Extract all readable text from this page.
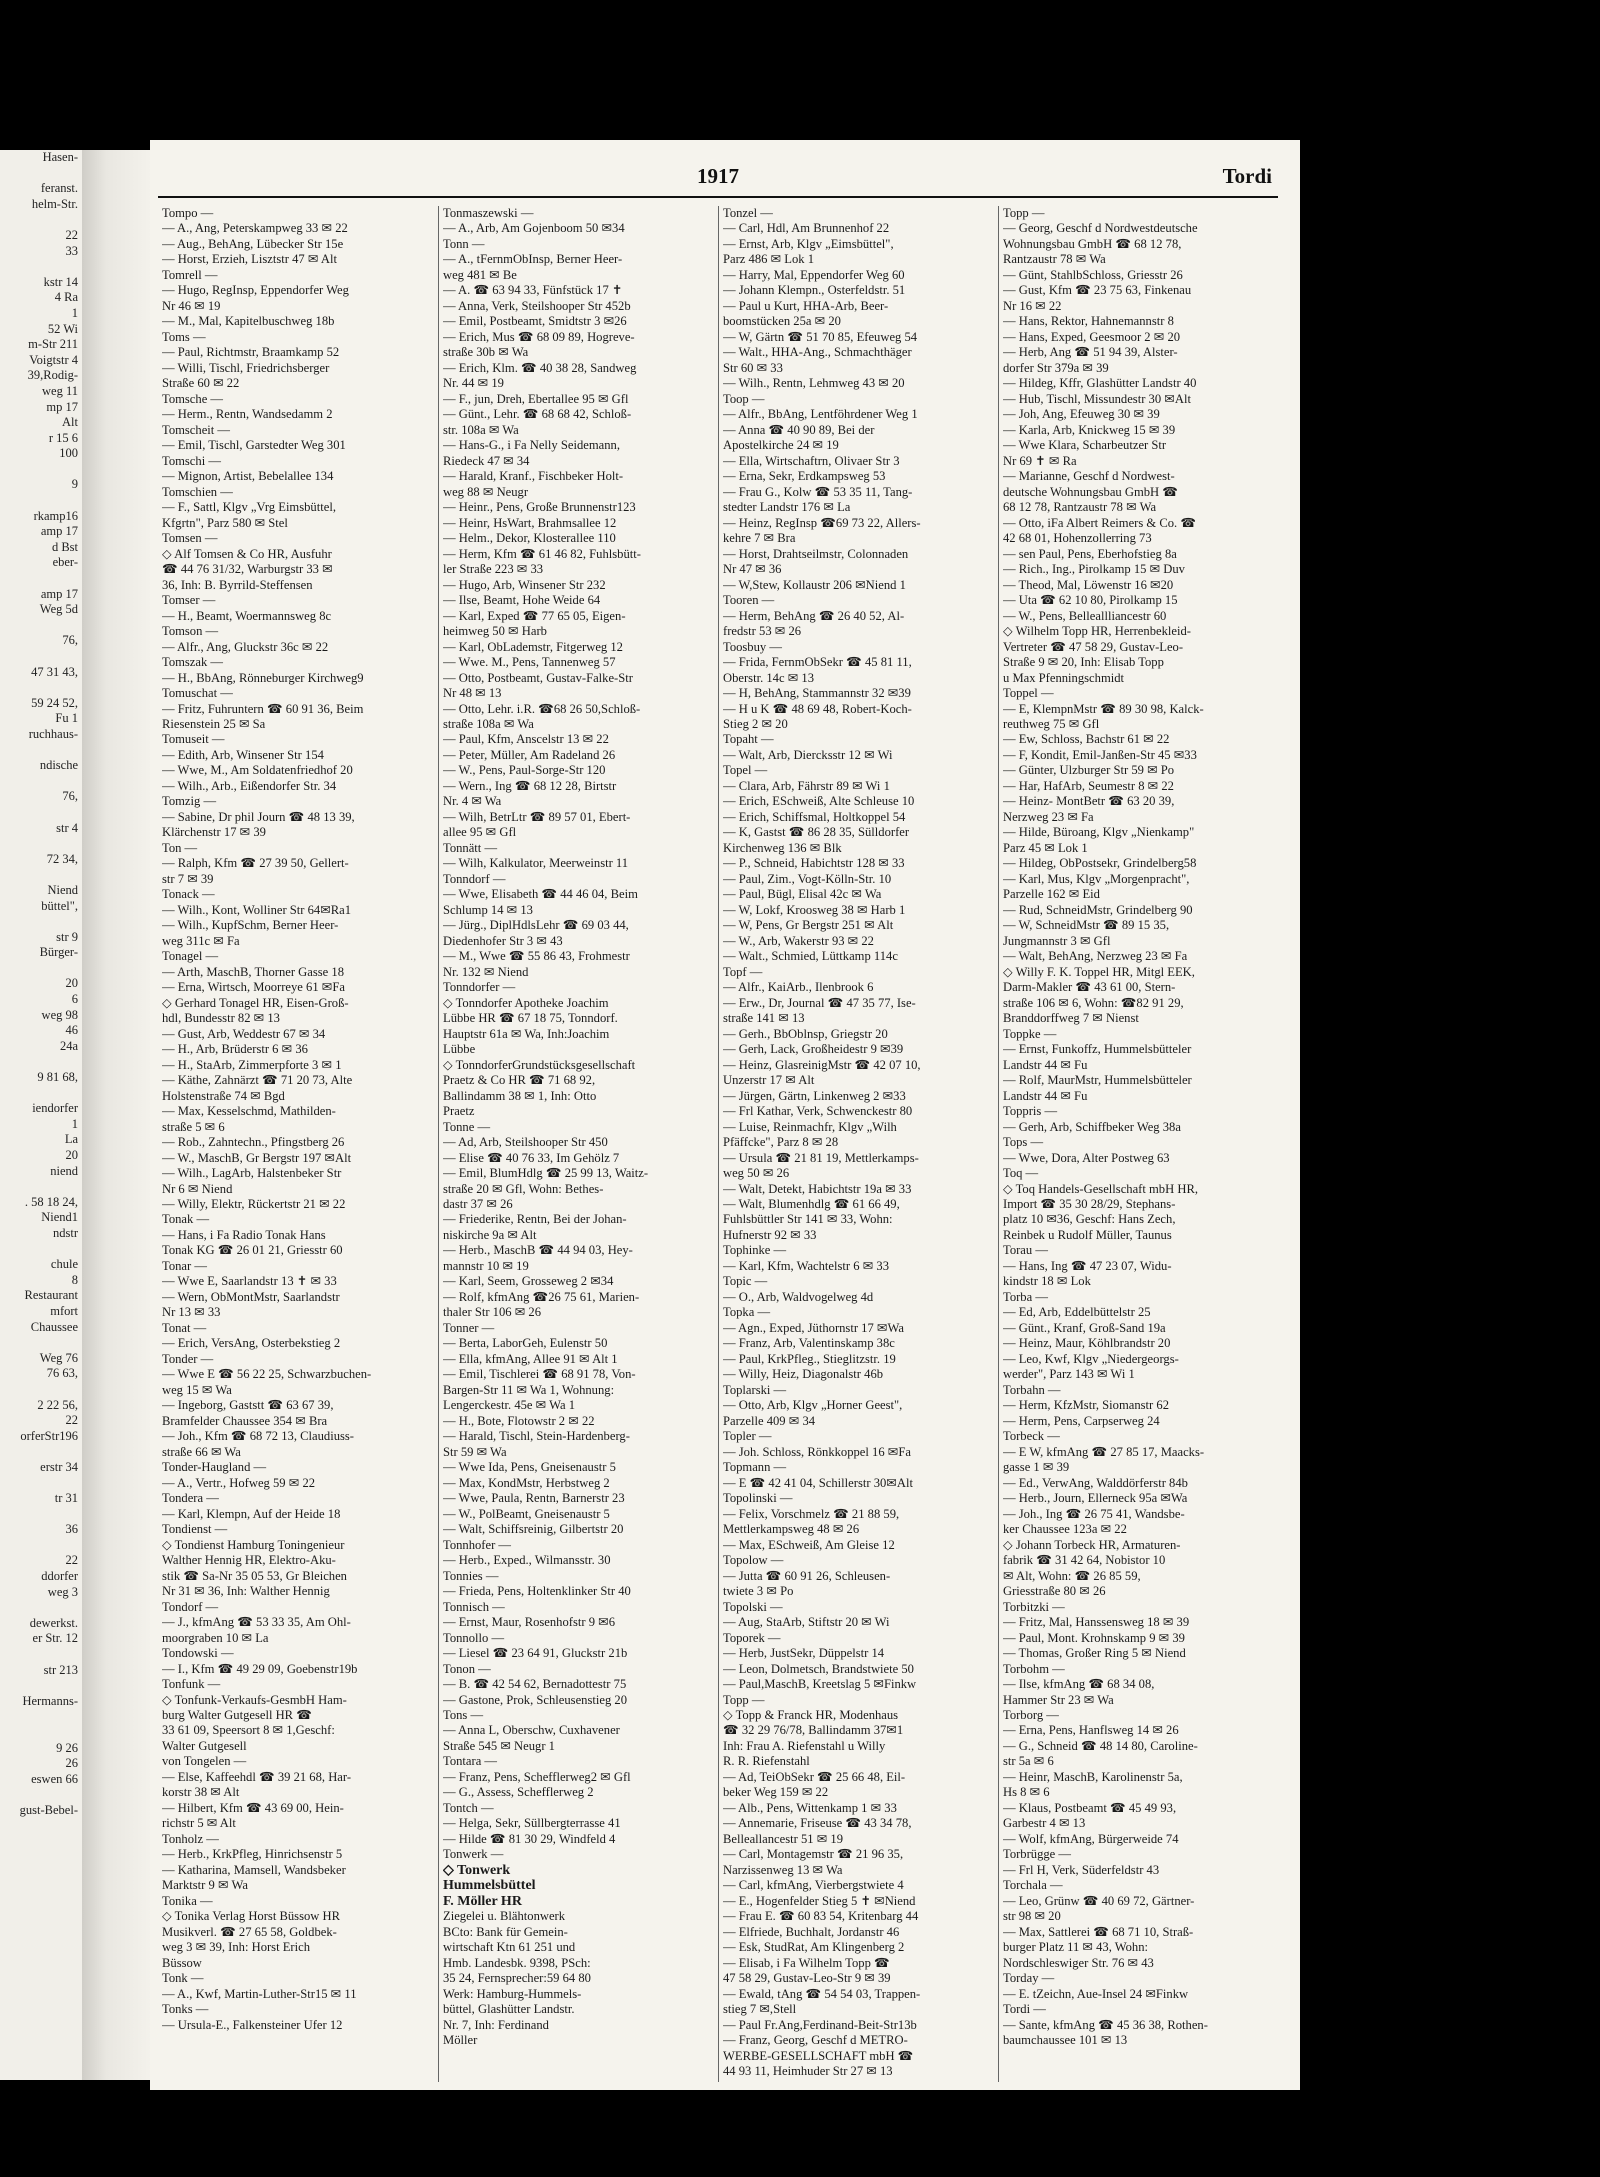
Hasen-

feranst.
helm-Str.

22
33

kstr 14
4 Ra
1
52 Wi
m-Str 211
Voigtstr 4
39,Rodig-
weg 11
mp 17
Alt
r 15 6
100

9

rkamp16
amp 17
d Bst
eber-

amp 17
Weg 5d

76,

47 31 43,

59 24 52,
Fu 1
ruchhaus-

ndische

76,

str 4

72 34,

Niend
büttel",

str 9
Bürger-

20
6
weg 98
46
24a

9 81 68,

iendorfer
1
La
20
niend

. 58 18 24,
Niend1
ndstr

chule
8
Restaurant
mfort
Chaussee

Weg 76
76 63,

2 22 56,
22
orferStr196

erstr 34

tr 31

36

22
ddorfer
weg 3

dewerkst.
er Str. 12

str 213

Hermanns-

9 26
26
eswen 66

gust-Bebel-
1917	Tordi
Tompo —
— A., Ang, Peterskampweg 33 ✉ 22
— Aug., BehAng, Lübecker Str 15e
— Horst, Erzieh, Lisztstr 47 ✉ Alt
Tomrell —
— Hugo, RegInsp, Eppendorfer Weg
Nr 46 ✉ 19
— M., Mal, Kapitelbuschweg 18b
Toms —
— Paul, Richtmstr, Braamkamp 52
— Willi, Tischl, Friedrichsberger
Straße 60 ✉ 22
Tomsche —
— Herm., Rentn, Wandsedamm 2
Tomscheit —
— Emil, Tischl, Garstedter Weg 301
Tomschi —
— Mignon, Artist, Bebelallee 134
Tomschien —
— F., Sattl, Klgv „Vrg Eimsbüttel,
Kfgrtn", Parz 580 ✉ Stel
Tomsen —
◇ Alf Tomsen & Co HR, Ausfuhr
☎ 44 76 31/32, Warburgstr 33 ✉
36, Inh: B. Byrrild-Steffensen
Tomser —
— H., Beamt, Woermannsweg 8c
Tomson —
— Alfr., Ang, Gluckstr 36c ✉ 22
Tomszak —
— H., BbAng, Rönneburger Kirchweg9
Tomuschat —
— Fritz, Fuhruntern ☎ 60 91 36, Beim
Riesenstein 25 ✉ Sa
Tomuseit —
— Edith, Arb, Winsener Str 154
— Wwe, M., Am Soldatenfriedhof 20
— Wilh., Arb., Eißendorfer Str. 34
Tomzig —
— Sabine, Dr phil Journ ☎ 48 13 39,
Klärchenstr 17 ✉ 39
Ton —
— Ralph, Kfm ☎ 27 39 50, Gellert-
str 7 ✉ 39
Tonack —
— Wilh., Kont, Wolliner Str 64✉Ra1
— Wilh., KupfSchm, Berner Heer-
weg 311c ✉ Fa
Tonagel —
— Arth, MaschB, Thorner Gasse 18
— Erna, Wirtsch, Moorreye 61 ✉Fa
◇ Gerhard Tonagel HR, Eisen-Groß-
hdl, Bundesstr 82 ✉ 13
— Gust, Arb, Weddestr 67 ✉ 34
— H., Arb, Brüderstr 6 ✉ 36
— H., StaArb, Zimmerpforte 3 ✉ 1
— Käthe, Zahnärzt ☎ 71 20 73, Alte
Holstenstraße 74 ✉ Bgd
— Max, Kesselschmd, Mathilden-
straße 5 ✉ 6
— Rob., Zahntechn., Pfingstberg 26
— W., MaschB, Gr Bergstr 197 ✉Alt
— Wilh., LagArb, Halstenbeker Str
Nr 6 ✉ Niend
— Willy, Elektr, Rückertstr 21 ✉ 22
Tonak —
— Hans, i Fa Radio Tonak Hans
Tonak KG ☎ 26 01 21, Griesstr 60
Tonar —
— Wwe E, Saarlandstr 13 ✝ ✉ 33
— Wern, ObMontMstr, Saarlandstr
Nr 13 ✉ 33
Tonat —
— Erich, VersAng, Osterbekstieg 2
Tonder —
— Wwe E ☎ 56 22 25, Schwarzbuchen-
weg 15 ✉ Wa
— Ingeborg, Gaststt ☎ 63 67 39,
Bramfelder Chaussee 354 ✉ Bra
— Joh., Kfm ☎ 68 72 13, Claudiuss-
straße 66 ✉ Wa
Tonder-Haugland —
— A., Vertr., Hofweg 59 ✉ 22
Tondera —
— Karl, Klempn, Auf der Heide 18
Tondienst —
◇ Tondienst Hamburg Toningenieur
Walther Hennig HR, Elektro-Aku-
stik ☎ Sa-Nr 35 05 53, Gr Bleichen
Nr 31 ✉ 36, Inh: Walther Hennig
Tondorf —
— J., kfmAng ☎ 53 33 35, Am Ohl-
moorgraben 10 ✉ La
Tondowski —
— I., Kfm ☎ 49 29 09, Goebenstr19b
Tonfunk —
◇ Tonfunk-Verkaufs-GesmbH Ham-
burg Walter Gutgesell HR ☎
33 61 09, Speersort 8 ✉ 1,Geschf:
Walter Gutgesell
von Tongelen —
— Else, Kaffeehdl ☎ 39 21 68, Har-
korstr 38 ✉ Alt
— Hilbert, Kfm ☎ 43 69 00, Hein-
richstr 5 ✉ Alt
Tonholz —
— Herb., KrkPfleg, Hinrichsenstr 5
— Katharina, Mamsell, Wandsbeker
Marktstr 9 ✉ Wa
Tonika —
◇ Tonika Verlag Horst Büssow HR
Musikverl. ☎ 27 65 58, Goldbek-
weg 3 ✉ 39, Inh: Horst Erich
Büssow
Tonk —
— A., Kwf, Martin-Luther-Str15 ✉ 11
Tonks —
— Ursula-E., Falkensteiner Ufer 12
Tonmaszewski —
— A., Arb, Am Gojenboom 50 ✉34
Tonn —
— A., tFernmObInsp, Berner Heer-
weg 481 ✉ Be
— A. ☎ 63 94 33, Fünfstück 17 ✝
— Anna, Verk, Steilshooper Str 452b
— Emil, Postbeamt, Smidtstr 3 ✉26
— Erich, Mus ☎ 68 09 89, Hogreve-
straße 30b ✉ Wa
— Erich, Klm. ☎ 40 38 28, Sandweg
Nr. 44 ✉ 19
— F., jun, Dreh, Ebertallee 95 ✉ Gfl
— Günt., Lehr. ☎ 68 68 42, Schloß-
str. 108a ✉ Wa
— Hans-G., i Fa Nelly Seidemann,
Riedeck 47 ✉ 34
— Harald, Kranf., Fischbeker Holt-
weg 88 ✉ Neugr
— Heinr., Pens, Große Brunnenstr123
— Heinr, HsWart, Brahmsallee 12
— Helm., Dekor, Klosterallee 110
— Herm, Kfm ☎ 61 46 82, Fuhlsbütt-
ler Straße 223 ✉ 33
— Hugo, Arb, Winsener Str 232
— Ilse, Beamt, Hohe Weide 64
— Karl, Exped ☎ 77 65 05, Eigen-
heimweg 50 ✉ Harb
— Karl, ObLademstr, Fitgerweg 12
— Wwe. M., Pens, Tannenweg 57
— Otto, Postbeamt, Gustav-Falke-Str
Nr 48 ✉ 13
— Otto, Lehr. i.R. ☎68 26 50,Schloß-
straße 108a ✉ Wa
— Paul, Kfm, Anscelstr 13 ✉ 22
— Peter, Müller, Am Radeland 26
— W., Pens, Paul-Sorge-Str 120
— Wern., Ing ☎ 68 12 28, Birtstr
Nr. 4 ✉ Wa
— Wilh, BetrLtr ☎ 89 57 01, Ebert-
allee 95 ✉ Gfl
Tonnätt —
— Wilh, Kalkulator, Meerweinstr 11
Tonndorf —
— Wwe, Elisabeth ☎ 44 46 04, Beim
Schlump 14 ✉ 13
— Jürg., DiplHdlsLehr ☎ 69 03 44,
Diedenhofer Str 3 ✉ 43
— M., Wwe ☎ 55 86 43, Frohmestr
Nr. 132 ✉ Niend
Tonndorfer —
◇ Tonndorfer Apotheke Joachim
Lübbe HR ☎ 67 18 75, Tonndorf.
Hauptstr 61a ✉ Wa, Inh:Joachim
Lübbe
◇ TonndorferGrundstücksgesellschaft
Praetz & Co HR ☎ 71 68 92,
Ballindamm 38 ✉ 1, Inh: Otto
Praetz
Tonne —
— Ad, Arb, Steilshooper Str 450
— Elise ☎ 40 76 33, Im Gehölz 7
— Emil, BlumHdlg ☎ 25 99 13, Waitz-
straße 20 ✉ Gfl, Wohn: Bethes-
dastr 37 ✉ 26
— Friederike, Rentn, Bei der Johan-
niskirche 9a ✉ Alt
— Herb., MaschB ☎ 44 94 03, Hey-
mannstr 10 ✉ 19
— Karl, Seem, Grosseweg 2 ✉34
— Rolf, kfmAng ☎26 75 61, Marien-
thaler Str 106 ✉ 26
Tonner —
— Berta, LaborGeh, Eulenstr 50
— Ella, kfmAng, Allee 91 ✉ Alt 1
— Emil, Tischlerei ☎ 68 91 78, Von-
Bargen-Str 11 ✉ Wa 1, Wohnung:
Lengerckestr. 45e ✉ Wa 1
— H., Bote, Flotowstr 2 ✉ 22
— Harald, Tischl, Stein-Hardenberg-
Str 59 ✉ Wa
— Wwe Ida, Pens, Gneisenaustr 5
— Max, KondMstr, Herbstweg 2
— Wwe, Paula, Rentn, Barnerstr 23
— W., PolBeamt, Gneisenaustr 5
— Walt, Schiffsreinig, Gilbertstr 20
Tonnhofer —
— Herb., Exped., Wilmansstr. 30
Tonnies —
— Frieda, Pens, Holtenklinker Str 40
Tonnisch —
— Ernst, Maur, Rosenhofstr 9 ✉6
Tonnollo —
— Liesel ☎ 23 64 91, Gluckstr 21b
Tonon —
— B. ☎ 42 54 62, Bernadottestr 75
— Gastone, Prok, Schleusenstieg 20
Tons —
— Anna L, Oberschw, Cuxhavener
Straße 545 ✉ Neugr 1
Tontara —
— Franz, Pens, Schefflerweg2 ✉ Gfl
— G., Assess, Schefflerweg 2
Tontch —
— Helga, Sekr, Süllbergterrasse 41
— Hilde ☎ 81 30 29, Windfeld 4
Tonwerk —
◇ Tonwerk
Hummelsbüttel
F. Möller HR
Ziegelei u. Blähtonwerk
BCto: Bank für Gemein-
wirtschaft Ktn 61 251 und
Hmb. Landesbk. 9398, PSch:
35 24, Fernsprecher:59 64 80
Werk: Hamburg-Hummels-
büttel, Glashütter Landstr.
Nr. 7, Inh: Ferdinand
Möller
Tonzel —
— Carl, Hdl, Am Brunnenhof 22
— Ernst, Arb, Klgv „Eimsbüttel",
Parz 486 ✉ Lok 1
— Harry, Mal, Eppendorfer Weg 60
— Johann Klempn., Osterfeldstr. 51
— Paul u Kurt, HHA-Arb, Beer-
boomstücken 25a ✉ 20
— W, Gärtn ☎ 51 70 85, Efeuweg 54
— Walt., HHA-Ang., Schmachthäger
Str 60 ✉ 33
— Wilh., Rentn, Lehmweg 43 ✉ 20
Toop —
— Alfr., BbAng, Lentföhrdener Weg 1
— Anna ☎ 40 90 89, Bei der
Apostelkirche 24 ✉ 19
— Ella, Wirtschaftrn, Olivaer Str 3
— Erna, Sekr, Erdkampsweg 53
— Frau G., Kolw ☎ 53 35 11, Tang-
stedter Landstr 176 ✉ La
— Heinz, RegInsp ☎69 73 22, Allers-
kehre 7 ✉ Bra
— Horst, Drahtseilmstr, Colonnaden
Nr 47 ✉ 36
— W,Stew, Kollaustr 206 ✉Niend 1
Tooren —
— Herm, BehAng ☎ 26 40 52, Al-
fredstr 53 ✉ 26
Toosbuy —
— Frida, FernmObSekr ☎ 45 81 11,
Oberstr. 14c ✉ 13
— H, BehAng, Stammannstr 32 ✉39
— H u K ☎ 48 69 48, Robert-Koch-
Stieg 2 ✉ 20
Topaht —
— Walt, Arb, Diercksstr 12 ✉ Wi
Topel —
— Clara, Arb, Fährstr 89 ✉ Wi 1
— Erich, ESchweiß, Alte Schleuse 10
— Erich, Schiffsmal, Holtkoppel 54
— K, Gastst ☎ 86 28 35, Sülldorfer
Kirchenweg 136 ✉ Blk
— P., Schneid, Habichtstr 128 ✉ 33
— Paul, Zim., Vogt-Kölln-Str. 10
— Paul, Bügl, Elisal 42c ✉ Wa
— W, Lokf, Kroosweg 38 ✉ Harb 1
— W, Pens, Gr Bergstr 251 ✉ Alt
— W., Arb, Wakerstr 93 ✉ 22
— Walt., Schmied, Lüttkamp 114c
Topf —
— Alfr., KaiArb., Ilenbrook 6
— Erw., Dr, Journal ☎ 47 35 77, Ise-
straße 141 ✉ 13
— Gerh., BbOblnsp, Griegstr 20
— Gerh, Lack, Großheidestr 9 ✉39
— Heinz, GlasreinigMstr ☎ 42 07 10,
Unzerstr 17 ✉ Alt
— Jürgen, Gärtn, Linkenweg 2 ✉33
— Frl Kathar, Verk, Schwenckestr 80
— Luise, Reinmachfr, Klgv „Wilh
Pfäffcke", Parz 8 ✉ 28
— Ursula ☎ 21 81 19, Mettlerkamps-
weg 50 ✉ 26
— Walt, Detekt, Habichtstr 19a ✉ 33
— Walt, Blumenhdlg ☎ 61 66 49,
Fuhlsbüttler Str 141 ✉ 33, Wohn:
Hufnerstr 92 ✉ 33
Tophinke —
— Karl, Kfm, Wachtelstr 6 ✉ 33
Topic —
— O., Arb, Waldvogelweg 4d
Topka —
— Agn., Exped, Jüthornstr 17 ✉Wa
— Franz, Arb, Valentinskamp 38c
— Paul, KrkPfleg., Stieglitzstr. 19
— Willy, Heiz, Diagonalstr 46b
Toplarski —
— Otto, Arb, Klgv „Horner Geest",
Parzelle 409 ✉ 34
Topler —
— Joh. Schloss, Rönkkoppel 16 ✉Fa
Topmann —
— E ☎ 42 41 04, Schillerstr 30✉Alt
Topolinski —
— Felix, Vorschmelz ☎ 21 88 59,
Mettlerkampsweg 48 ✉ 26
— Max, ESchweiß, Am Gleise 12
Topolow —
— Jutta ☎ 60 91 26, Schleusen-
twiete 3 ✉ Po
Topolski —
— Aug, StaArb, Stiftstr 20 ✉ Wi
Toporek —
— Herb, JustSekr, Düppelstr 14
— Leon, Dolmetsch, Brandstwiete 50
— Paul,MaschB, Kreetslag 5 ✉Finkw
Topp —
◇ Topp & Franck HR, Modenhaus
☎ 32 29 76/78, Ballindamm 37✉1
Inh: Frau A. Riefenstahl u Willy
R. R. Riefenstahl
— Ad, TeiObSekr ☎ 25 66 48, Eil-
beker Weg 159 ✉ 22
— Alb., Pens, Wittenkamp 1 ✉ 33
— Annemarie, Friseuse ☎ 43 34 78,
Belleallancestr 51 ✉ 19
— Carl, Montagemstr ☎ 21 96 35,
Narzissenweg 13 ✉ Wa
— Carl, kfmAng, Vierbergstwiete 4
— E., Hogenfelder Stieg 5 ✝ ✉Niend
— Frau E. ☎ 60 83 54, Kritenbarg 44
— Elfriede, Buchhalt, Jordanstr 46
— Esk, StudRat, Am Klingenberg 2
— Elisab, i Fa Wilhelm Topp ☎
47 58 29, Gustav-Leo-Str 9 ✉ 39
— Ewald, tAng ☎ 54 54 03, Trappen-
stieg 7 ✉,Stell
— Paul Fr.Ang,Ferdinand-Beit-Str13b
— Franz, Georg, Geschf d METRO-
WERBE-GESELLSCHAFT mbH ☎
44 93 11, Heimhuder Str 27 ✉ 13
Topp —
— Georg, Geschf d Nordwestdeutsche
Wohnungsbau GmbH ☎ 68 12 78,
Rantzaustr 78 ✉ Wa
— Günt, StahlbSchloss, Griesstr 26
— Gust, Kfm ☎ 23 75 63, Finkenau
Nr 16 ✉ 22
— Hans, Rektor, Hahnemannstr 8
— Hans, Exped, Geesmoor 2 ✉ 20
— Herb, Ang ☎ 51 94 39, Alster-
dorfer Str 379a ✉ 39
— Hildeg, Kffr, Glashütter Landstr 40
— Hub, Tischl, Missundestr 30 ✉Alt
— Joh, Ang, Efeuweg 30 ✉ 39
— Karla, Arb, Knickweg 15 ✉ 39
— Wwe Klara, Scharbeutzer Str
Nr 69 ✝ ✉ Ra
— Marianne, Geschf d Nordwest-
deutsche Wohnungsbau GmbH ☎
68 12 78, Rantzaustr 78 ✉ Wa
— Otto, iFa Albert Reimers & Co. ☎
42 68 01, Hohenzollerring 73
— sen Paul, Pens, Eberhofstieg 8a
— Rich., Ing., Pirolkamp 15 ✉ Duv
— Theod, Mal, Löwenstr 16 ✉20
— Uta ☎ 62 10 80, Pirolkamp 15
— W., Pens, Belleallliancestr 60
◇ Wilhelm Topp HR, Herrenbekleid-
Vertreter ☎ 47 58 29, Gustav-Leo-
Straße 9 ✉ 20, Inh: Elisab Topp
u Max Pfenningschmidt
Toppel —
— E, KlempnMstr ☎ 89 30 98, Kalck-
reuthweg 75 ✉ Gfl
— Ew, Schloss, Bachstr 61 ✉ 22
— F, Kondit, Emil-Janßen-Str 45 ✉33
— Günter, Ulzburger Str 59 ✉ Po
— Har, HafArb, Seumestr 8 ✉ 22
— Heinz- MontBetr ☎ 63 20 39,
Nerzweg 23 ✉ Fa
— Hilde, Büroang, Klgv „Nienkamp"
Parz 45 ✉ Lok 1
— Hildeg, ObPostsekr, Grindelberg58
— Karl, Mus, Klgv „Morgenpracht",
Parzelle 162 ✉ Eid
— Rud, SchneidMstr, Grindelberg 90
— W, SchneidMstr ☎ 89 15 35,
Jungmannstr 3 ✉ Gfl
— Walt, BehAng, Nerzweg 23 ✉ Fa
◇ Willy F. K. Toppel HR, Mitgl EEK,
Darm-Makler ☎ 43 61 00, Stern-
straße 106 ✉ 6, Wohn: ☎82 91 29,
Branddorffweg 7 ✉ Nienst
Toppke —
— Ernst, Funkoffz, Hummelsbütteler
Landstr 44 ✉ Fu
— Rolf, MaurMstr, Hummelsbütteler
Landstr 44 ✉ Fu
Toppris —
— Gerh, Arb, Schiffbeker Weg 38a
Tops —
— Wwe, Dora, Alter Postweg 63
Toq —
◇ Toq Handels-Gesellschaft mbH HR,
Import ☎ 35 30 28/29, Stephans-
platz 10 ✉36, Geschf: Hans Zech,
Reinbek u Rudolf Müller, Taunus
Torau —
— Hans, Ing ☎ 47 23 07, Widu-
kindstr 18 ✉ Lok
Torba —
— Ed, Arb, Eddelbüttelstr 25
— Günt., Kranf, Groß-Sand 19a
— Heinz, Maur, Köhlbrandstr 20
— Leo, Kwf, Klgv „Niedergeorgs-
werder", Parz 143 ✉ Wi 1
Torbahn —
— Herm, KfzMstr, Siomanstr 62
— Herm, Pens, Carpserweg 24
Torbeck —
— E W, kfmAng ☎ 27 85 17, Maacks-
gasse 1 ✉ 39
— Ed., VerwAng, Walddörferstr 84b
— Herb., Journ, Ellerneck 95a ✉Wa
— Joh., Ing ☎ 26 75 41, Wandsbe-
ker Chaussee 123a ✉ 22
◇ Johann Torbeck HR, Armaturen-
fabrik ☎ 31 42 64, Nobistor 10
✉ Alt, Wohn: ☎ 26 85 59,
Griesstraße 80 ✉ 26
Torbitzki —
— Fritz, Mal, Hanssensweg 18 ✉ 39
— Paul, Mont. Krohnskamp 9 ✉ 39
— Thomas, Großer Ring 5 ✉ Niend
Torbohm —
— Ilse, kfmAng ☎ 68 34 08,
Hammer Str 23 ✉ Wa
Torborg —
— Erna, Pens, Hanflsweg 14 ✉ 26
— G., Schneid ☎ 48 14 80, Caroline-
str 5a ✉ 6
— Heinr, MaschB, Karolinenstr 5a,
Hs 8 ✉ 6
— Klaus, Postbeamt ☎ 45 49 93,
Garbestr 4 ✉ 13
— Wolf, kfmAng, Bürgerweide 74
Torbrügge —
— Frl H, Verk, Süderfeldstr 43
Torchala —
— Leo, Grünw ☎ 40 69 72, Gärtner-
str 98 ✉ 20
— Max, Sattlerei ☎ 68 71 10, Straß-
burger Platz 11 ✉ 43, Wohn:
Nordschleswiger Str. 76 ✉ 43
Torday —
— E. tZeichn, Aue-Insel 24 ✉Finkw
Tordi —
— Sante, kfmAng ☎ 45 36 38, Rothen-
baumchaussee 101 ✉ 13
